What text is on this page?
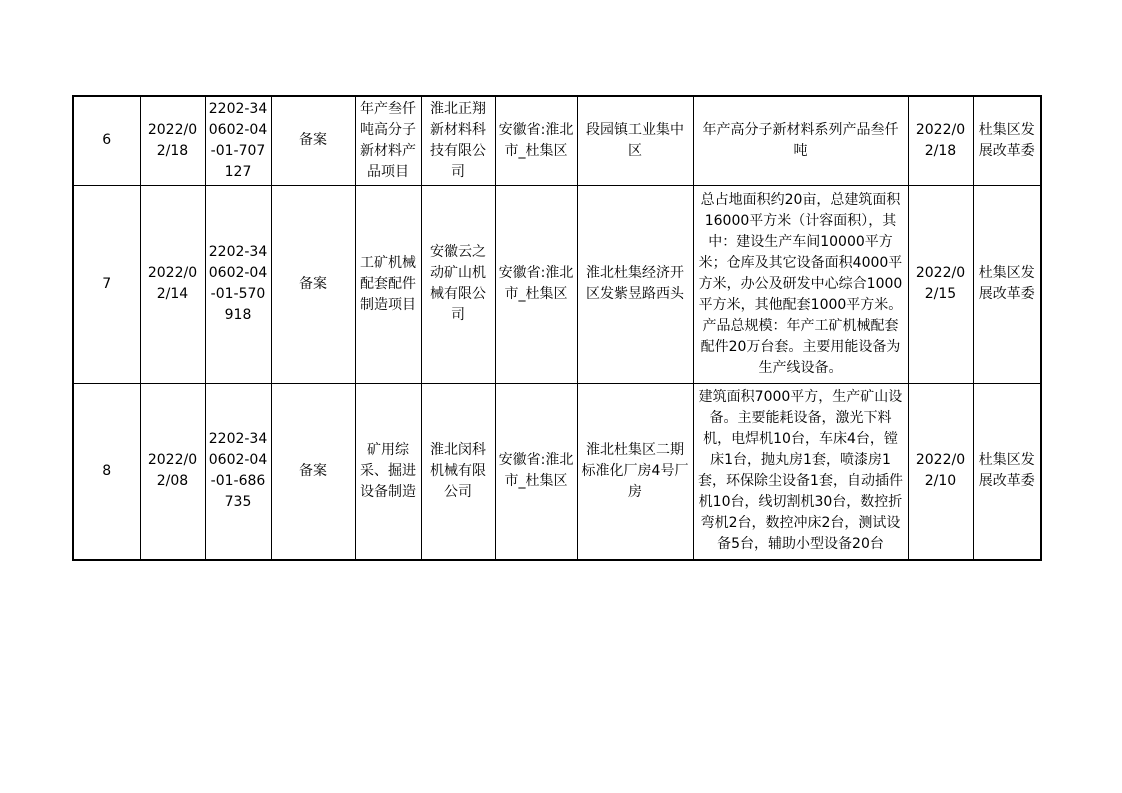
6	2022/02/18	2202-340602-04-01-707127	备案	年产叁仟吨高分子新材料产品项目	淮北正翔新材料科技有限公司	安徽省:淮北市_杜集区	段园镇工业集中区	年产高分子新材料系列产品叁仟吨	2022/02/18	杜集区发展改革委

7	2022/02/14	2202-340602-04-01-570918	备案	工矿机械配套配件制造项目	安徽云之动矿山机械有限公司	安徽省:淮北市_杜集区	淮北杜集经济开区发紫昱路西头	总占地面积约20亩，总建筑面积16000平方米（计容面积），其中：建设生产车间10000平方米；仓库及其它设备面积4000平方米，办公及研发中心综合1000平方米，其他配套1000平方米。产品总规模：年产工矿机械配套配件20万台套。主要用能设备为生产线设备。	2022/02/15	杜集区发展改革委

8	2022/02/08	2202-340602-04-01-686735	备案	矿用综采、掘进设备制造	淮北闵科机械有限公司	安徽省:淮北市_杜集区	淮北杜集区二期标准化厂房4号厂房	建筑面积7000平方，生产矿山设备。主要能耗设备，激光下料机，电焊机10台，车床4台，镗床1台，抛丸房1套，喷漆房1套，环保除尘设备1套，自动插件机10台，线切割机30台，数控折弯机2台，数控冲床2台，测试设备5台，辅助小型设备20台	2022/02/10	杜集区发展改革委
